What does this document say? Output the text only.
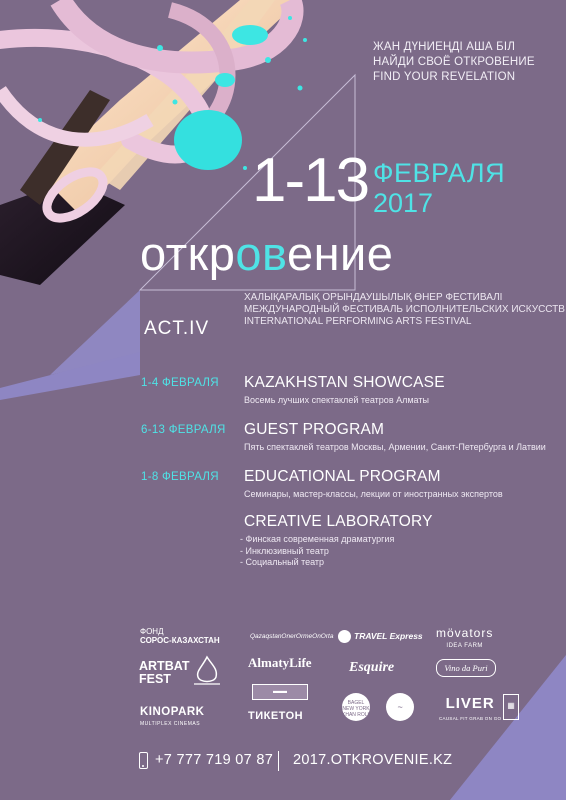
ЖАН ДҮНИЕҢДІ АША БІЛ
НАЙДИ СВОЁ ОТКРОВЕНИЕ
FIND YOUR REVELATION
1-13 ФЕВРАЛЯ
2017
откровение
ХАЛЫҚАРАЛЫҚ ОРЫНДАУШЫЛЫҚ ӨНЕР ФЕСТИВАЛІ
МЕЖДУНАРОДНЫЙ ФЕСТИВАЛЬ ИСПОЛНИТЕЛЬСКИХ ИСКУССТВ
INTERNATIONAL PERFORMING ARTS FESTIVAL
ACT.IV
1-4 ФЕВРАЛЯ KAZAKHSTAN SHOWCASE
Восемь лучших спектаклей театров Алматы
6-13 ФЕВРАЛЯ GUEST PROGRAM
Пять спектаклей театров Москвы, Армении, Санкт-Петербурга и Латвии
1-8 ФЕВРАЛЯ EDUCATIONAL PROGRAM
Семинары, мастер-классы, лекции от иностранных экспертов
CREATIVE LABORATORY
- Финская современная драматургия
- Инклюзивный театр
- Социальный театр
ФОНД
СОРОС-КАЗАХСТАН	QazaqstanOnerOrmeOnOrta	TRAVEL Express mövators
IDEA FARM
ARTBAT
FEST
AlmatyLife	Esquire	Vino da Puri
▬▬
KINOPARK
MULTIPLEX CINEMAS
ТИКЕТОН
BAGEL
NEW YORK
KHAN ROLL
~	LIVER
CAUSAL FIT GRAB ON GO
▦
+7 777 719 07 87 2017.OTKROVENIE.KZ
